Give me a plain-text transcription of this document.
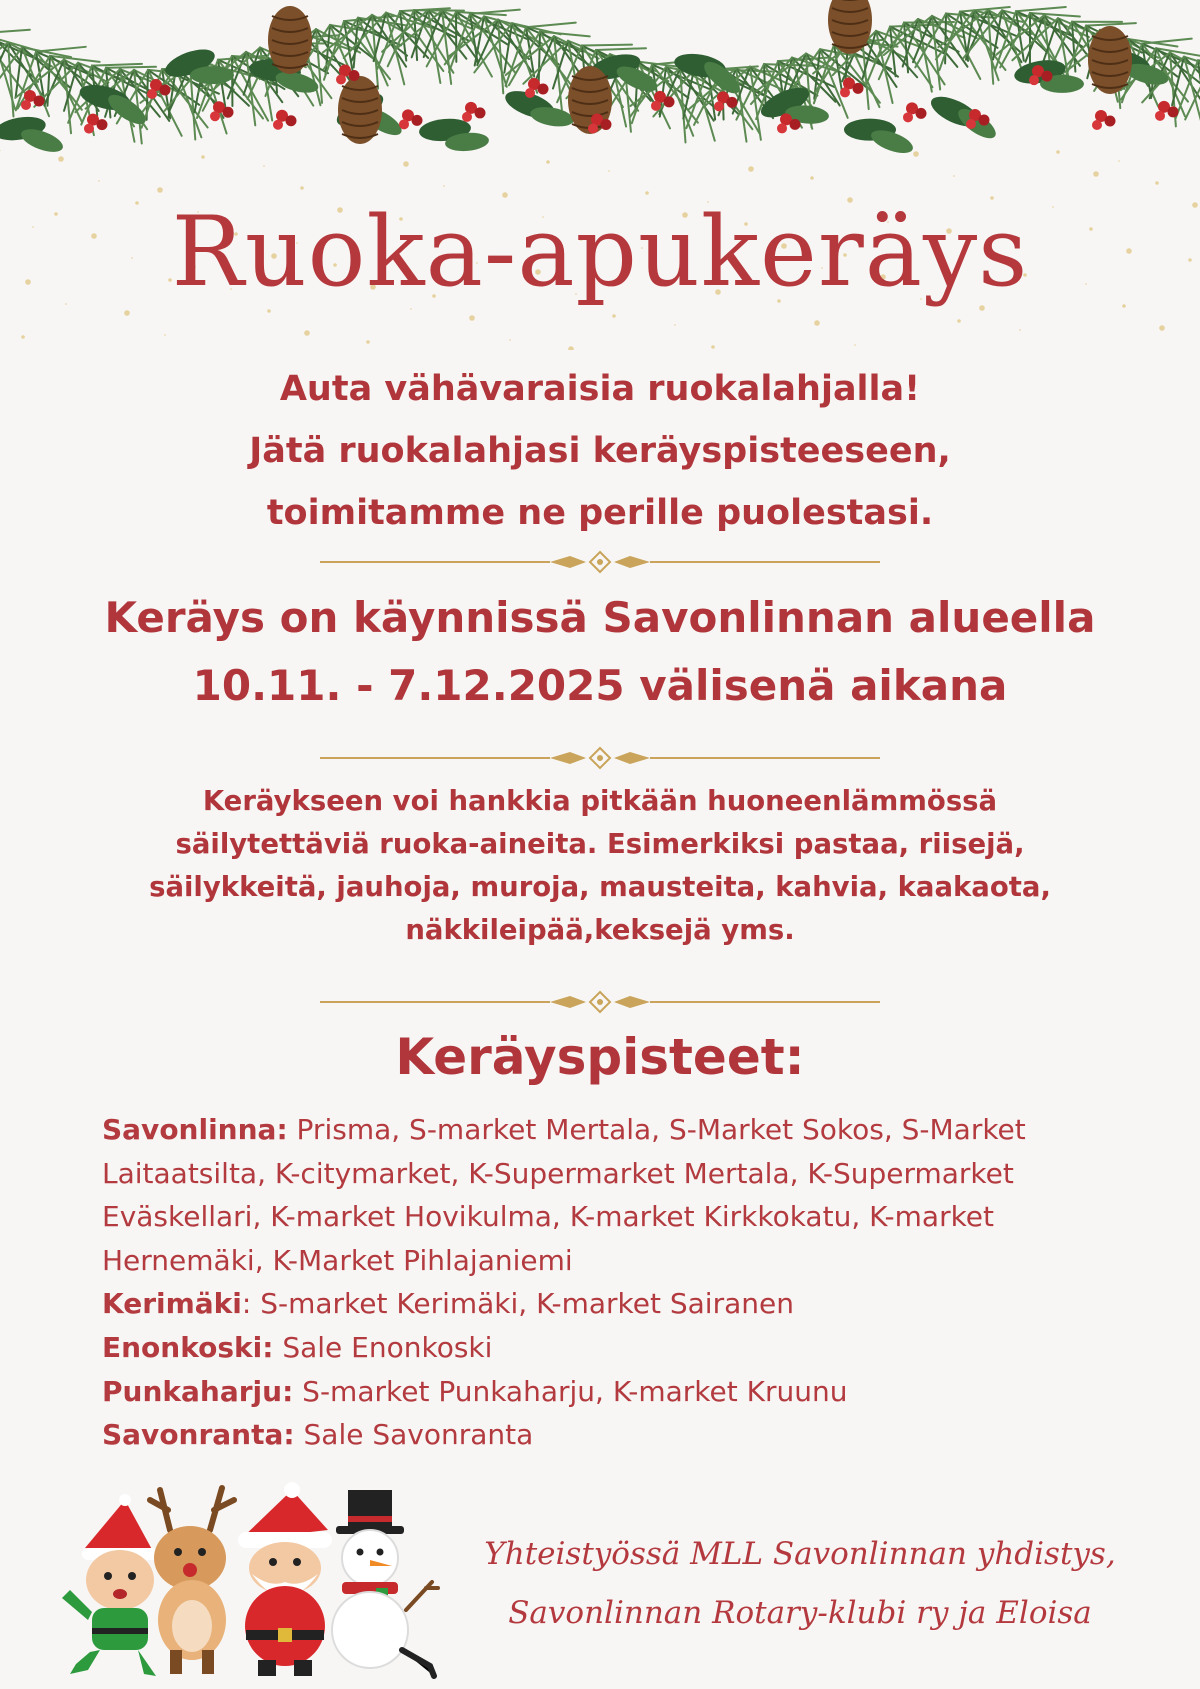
Ruoka-apukeräys
Auta vähävaraisia ruokalahjalla!
Jätä ruokalahjasi keräyspisteeseen,
toimitamme ne perille puolestasi.
Keräys on käynnissä Savonlinnan alueella
10.11. - 7.12.2025 välisenä aikana
Keräykseen voi hankkia pitkään huoneenlämmössä
säilytettäviä ruoka-aineita. Esimerkiksi pastaa, riisejä,
säilykkeitä, jauhoja, muroja, mausteita, kahvia, kaakaota,
näkkileipää,keksejä yms.
Keräyspisteet:
Savonlinna: Prisma, S-market Mertala, S-Market Sokos, S-Market
Laitaatsilta, K-citymarket, K-Supermarket Mertala, K-Supermarket
Eväskellari, K-market Hovikulma, K-market Kirkkokatu, K-market
Hernemäki, K-Market Pihlajaniemi
Kerimäki: S-market Kerimäki, K-market Sairanen
Enonkoski: Sale Enonkoski
Punkaharju: S-market Punkaharju, K-market Kruunu
Savonranta: Sale Savonranta
Yhteistyössä MLL Savonlinnan yhdistys,
Savonlinnan Rotary-klubi ry ja Eloisa
